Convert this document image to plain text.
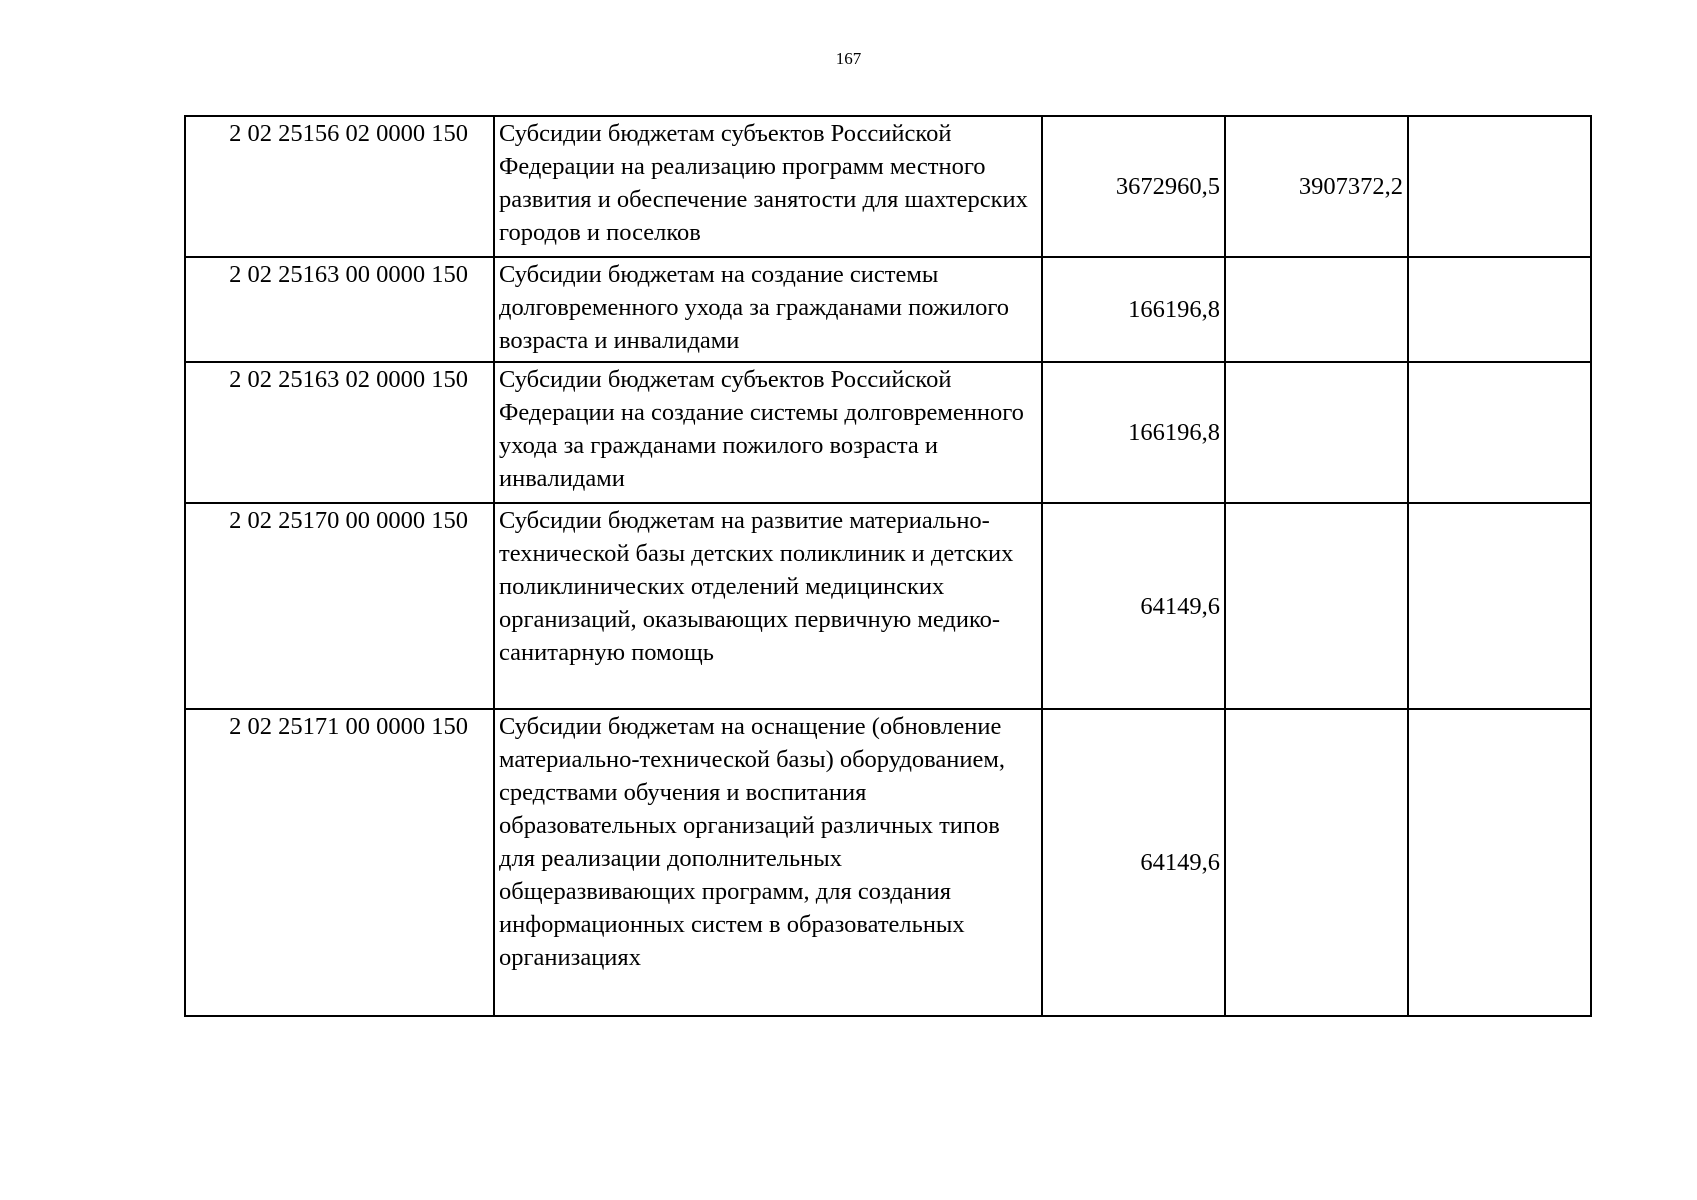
167
2 02 25156 02 0000 150	Субсидии бюджетам субъектов Российской Федерации на реализацию программ местного развития и обеспечение занятости для шахтерских городов и поселков	3672960,5	3907372,2	
2 02 25163 00 0000 150	Субсидии бюджетам на создание системы долговременного ухода за гражданами пожилого возраста и инвалидами	166196,8		
2 02 25163 02 0000 150	Субсидии бюджетам субъектов Российской Федерации на создание системы долговременного ухода за гражданами пожилого возраста и инвалидами	166196,8		
2 02 25170 00 0000 150	Субсидии бюджетам на развитие материально-технической базы детских поликлиник и детских поликлинических отделений медицинских организаций, оказывающих первичную медико-санитарную помощь	64149,6		
2 02 25171 00 0000 150	Субсидии бюджетам на оснащение (обновление материально-технической базы) оборудованием, средствами обучения и воспитания образовательных организаций различных типов для реализации дополнительных общеразвивающих программ, для создания информационных систем в образовательных организациях	64149,6		
